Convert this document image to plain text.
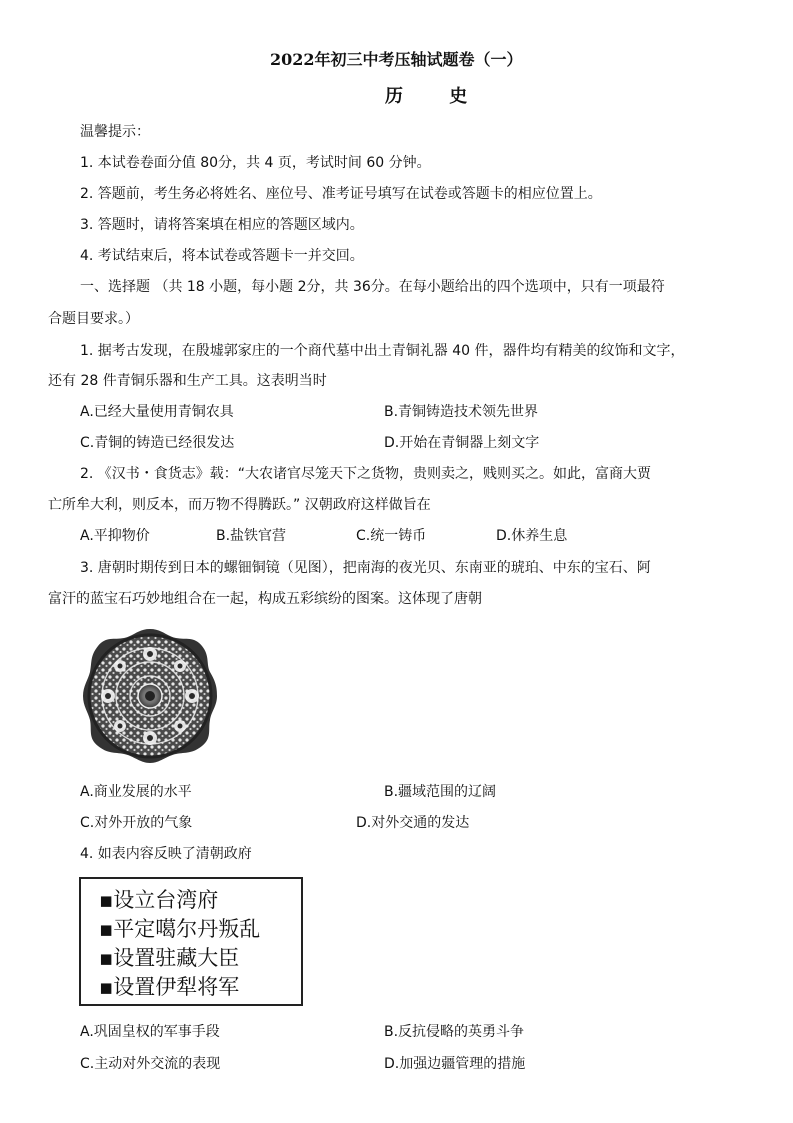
2022年初三中考压轴试题卷（一）
历 史
温馨提示：
1. 本试卷卷面分值 80分，共 4 页，考试时间 60 分钟。
2. 答题前，考生务必将姓名、座位号、准考证号填写在试卷或答题卡的相应位置上。
3. 答题时，请将答案填在相应的答题区域内。
4. 考试结束后，将本试卷或答题卡一并交回。
一、选择题 （共 18 小题，每小题 2分，共 36分。在每小题给出的四个选项中，只有一项最符
合题目要求。）
1. 据考古发现，在殷墟郭家庄的一个商代墓中出土青铜礼器 40 件，器件均有精美的纹饰和文字，
还有 28 件青铜乐器和生产工具。这表明当时
A.已经大量使用青铜农具	B.青铜铸造技术领先世界
C.青铜的铸造已经很发达	D.开始在青铜器上刻文字
2. 《汉书・食货志》载：“大农诸官尽笼天下之货物，贵则卖之，贱则买之。如此，富商大贾
亡所牟大利，则反本，而万物不得腾跃。” 汉朝政府这样做旨在
A.平抑物价	B.盐铁官营	C.统一铸币	D.休养生息
3. 唐朝时期传到日本的螺钿铜镜（见图），把南海的夜光贝、东南亚的琥珀、中东的宝石、阿
富汗的蓝宝石巧妙地组合在一起，构成五彩缤纷的图案。这体现了唐朝
A.商业发展的水平	B.疆域范围的辽阔
C.对外开放的气象	D.对外交通的发达
4. 如表内容反映了清朝政府
▪设立台湾府
▪平定噶尔丹叛乱
▪设置驻藏大臣
▪设置伊犁将军
A.巩固皇权的军事手段	B.反抗侵略的英勇斗争
C.主动对外交流的表现	D.加强边疆管理的措施
